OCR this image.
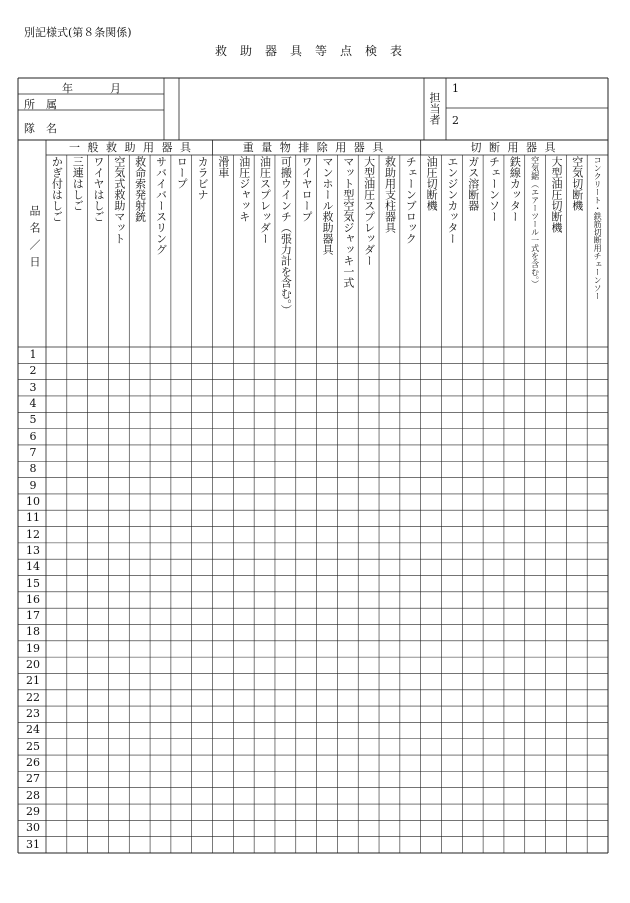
別記様式(第８条関係)
救助器具等点検表
年	月
所　属
隊　名
担当者
1
2
一 般 救 助 用 器 具	重 量 物 排 除 用 器 具	切 断 用 器 具
品名／日
かぎ付はしご 三連はしご ワイヤはしご 空気式救助マット 救命索発射銃 サバイバースリング ロープ カラビナ 滑車 油圧ジャッキ 油圧スプレッダー 可搬ウインチ（張力計を含む。） ワイヤロープ マンホール救助器具 マット型空気ジャッキ一式 大型油圧スプレッダー 救助用支柱器具 チェーンブロック 油圧切断機 エンジンカッター ガス溶断器 チェーンソー 鉄線カッター 空気鋸（エアーツール一式を含む。） 大型油圧切断機 空気切断機 コンクリート・鉄筋切断用チェーンソー
1
2
3
4
5
6
7
8
9
10
11
12
13
14
15
16
17
18
19
20
21
22
23
24
25
26
27
28
29
30
31
